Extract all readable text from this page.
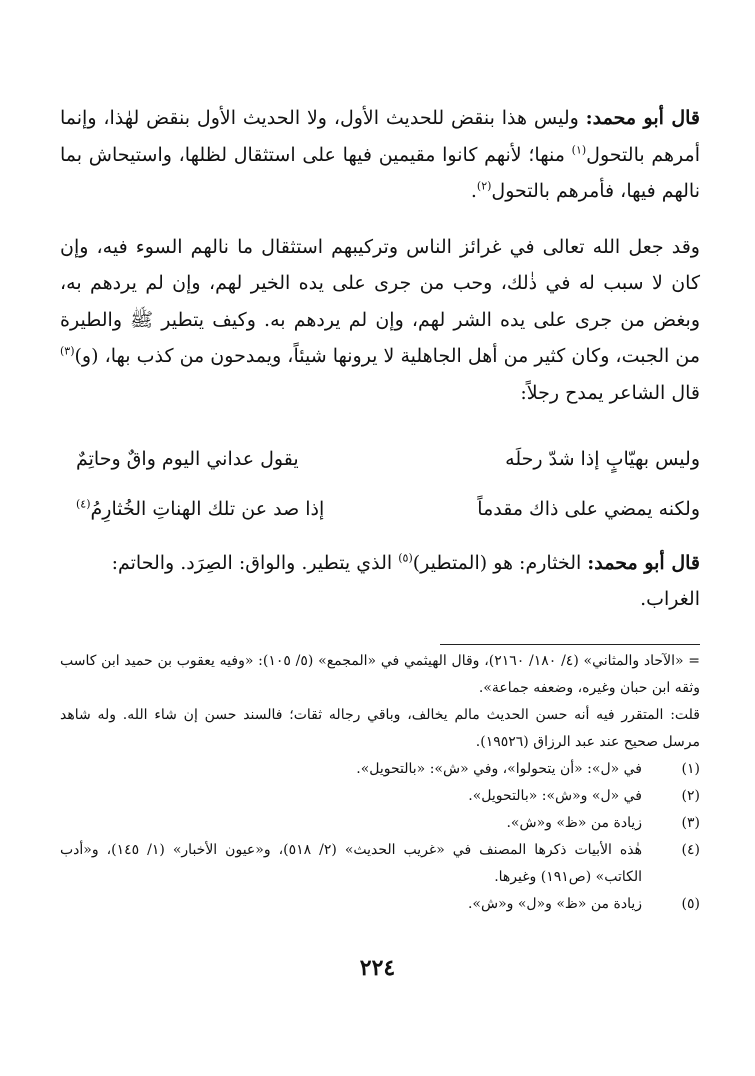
قال أبو محمد: وليس هذا بنقض للحديث الأول، ولا الحديث الأول بنقض لهٰذا، وإنما أمرهم بالتحول$^{(١)}$ منها؛ لأنهم كانوا مقيمين فيها على استثقال لظلها، واستيحاش بما نالهم فيها، فأمرهم بالتحول$^{(٢)}$.

وقد جعل الله تعالى في غرائز الناس وتركيبهم استثقال ما نالهم السوء فيه، وإن كان لا سبب له في ذٰلك، وحب من جرى على يده الخير لهم، وإن لم يردهم به، وبغض من جرى على يده الشر لهم، وإن لم يردهم به. وكيف يتطير ﷺ والطيرة من الجبت، وكان كثير من أهل الجاهلية لا يرونها شيئاً، ويمدحون من كذب بها، (و)$^{(٣)}$ قال الشاعر يمدح رجلاً:

وليس بهيّابٍ إذا شدّ رحلَه
يقول عداني اليوم واقٌ وحاتِمٌ
ولكنه يمضي على ذاك مقدماً
إذا صد عن تلك الهناتِ الخُثارِمُ$^{(٤)}$
قال أبو محمد: الخثارم: هو (المتطير)$^{(٥)}$ الذي يتطير. والواق: الصِرَد. والحاتم: الغراب.

= «الآحاد والمثاني» (٤/ ١٨٠/ ٢١٦٠)، وقال الهيثمي في «المجمع» (٥/ ١٠٥): «وفيه يعقوب بن حميد ابن كاسب وثقه ابن حبان وغيره، وضعفه جماعة».

قلت: المتقرر فيه أنه حسن الحديث مالم يخالف، وباقي رجاله ثقات؛ فالسند حسن إن شاء الله. وله شاهد مرسل صحيح عند عبد الرزاق (١٩٥٢٦).

(١)
في «ل»: «أن يتحولوا»، وفي «ش»: «بالتحويل».
(٢)
في «ل» و«ش»: «بالتحويل».
(٣)
زيادة من «ظ» و«ش».
(٤)
هٰذه الأبيات ذكرها المصنف في «غريب الحديث» (٢/ ٥١٨)، و«عيون الأخبار» (١/ ١٤٥)، و«أدب الكاتب» (ص١٩١) وغيرها.
(٥)
زيادة من «ظ» و«ل» و«ش».
٢٢٤
